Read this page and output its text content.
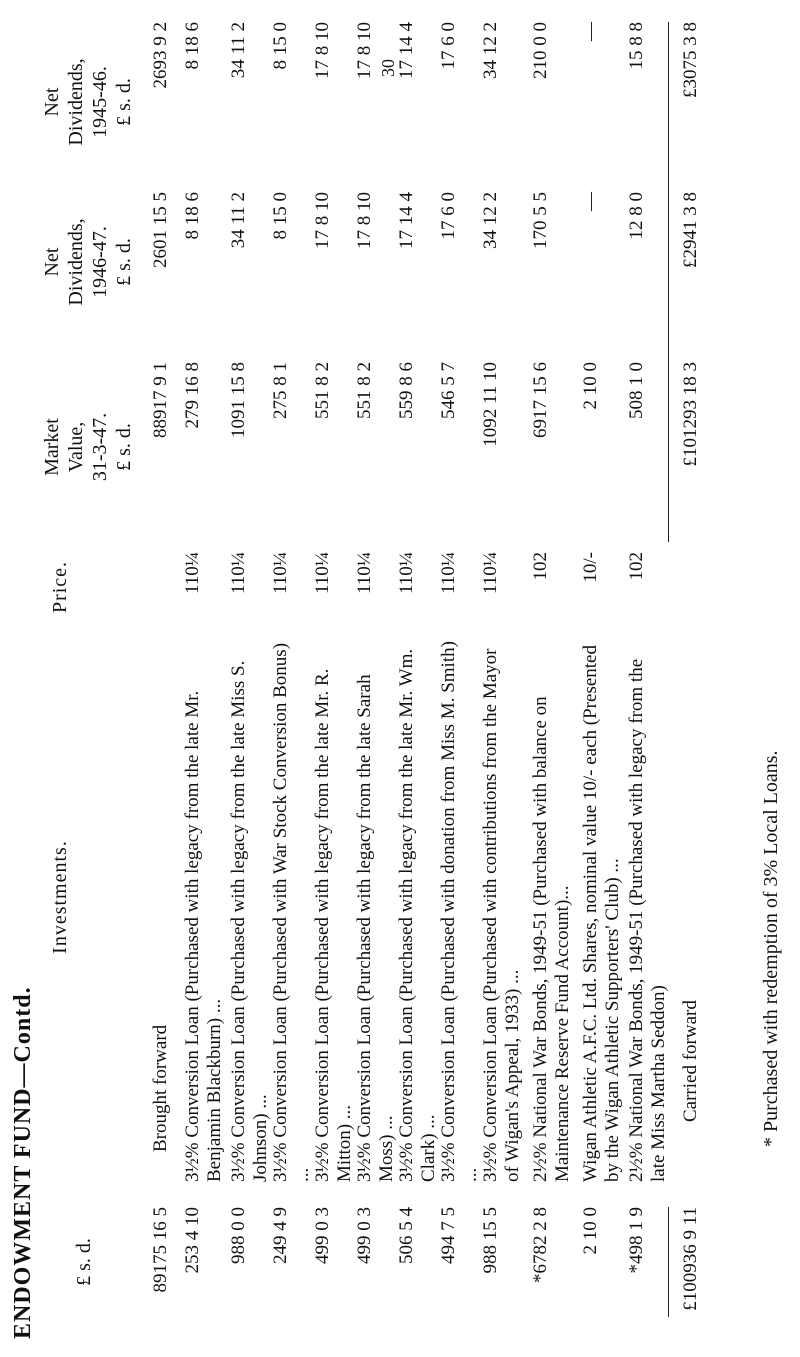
30
ENDOWMENT FUND—Contd.
Investments.
Price.
Market Value, 31-3-47. £ s. d.
Net Dividends, 1946-47. £ s. d.
Net Dividends, 1945-46. £ s. d.
£ s. d.	89175 16 5
Brought forward
88917 9 1
2601 15 5
2693 9 2
253 4 10
3½% Conversion Loan (Purchased with legacy from the late Mr. Benjamin Blackburn) ...
110¼
279 16 8
8 18 6
8 18 6
988 0 0
3½% Conversion Loan (Purchased with legacy from the late Miss S. Johnson) ...
110¼
1091 15 8
34 11 2
34 11 2
249 4 9
3½% Conversion Loan (Purchased with War Stock Conversion Bonus) ...
110¼
275 8 1
8 15 0
8 15 0
499 0 3
3½% Conversion Loan (Purchased with legacy from the late Mr. R. Mitton) ...
110¼
551 8 2
17 8 10
17 8 10
499 0 3
3½% Conversion Loan (Purchased with legacy from the late Sarah Moss) ...
110¼
551 8 2
17 8 10
17 8 10
506 5 4
3½% Conversion Loan (Purchased with legacy from the late Mr. Wm. Clark) ...
110¼
559 8 6
17 14 4
17 14 4
494 7 5
3½% Conversion Loan (Purchased with donation from Miss M. Smith) ...
110¼
546 5 7
17 6 0
17 6 0
988 15 5
3½% Conversion Loan (Purchased with contributions from the Mayor of Wigan's Appeal, 1933) ...
110¼
1092 11 10
34 12 2
34 12 2
*6782 2 8
2½% National War Bonds, 1949-51 (Purchased with balance on Maintenance Reserve Fund Account)...
102
6917 15 6
170 5 5
210 0 0
2 10 0
Wigan Athletic A.F.C. Ltd. Shares, nominal value 10/- each (Presented by the Wigan Athletic Supporters' Club) ...
10/-
2 10 0
—
—
*498 1 9
2½% National War Bonds, 1949-51 (Purchased with legacy from the late Miss Martha Seddon)
102
508 1 0
12 8 0
15 8 8
£100936 9 11
Carried forward
£101293 18 3
£2941 3 8
£3075 3 8
* Purchased with redemption of 3% Local Loans.
